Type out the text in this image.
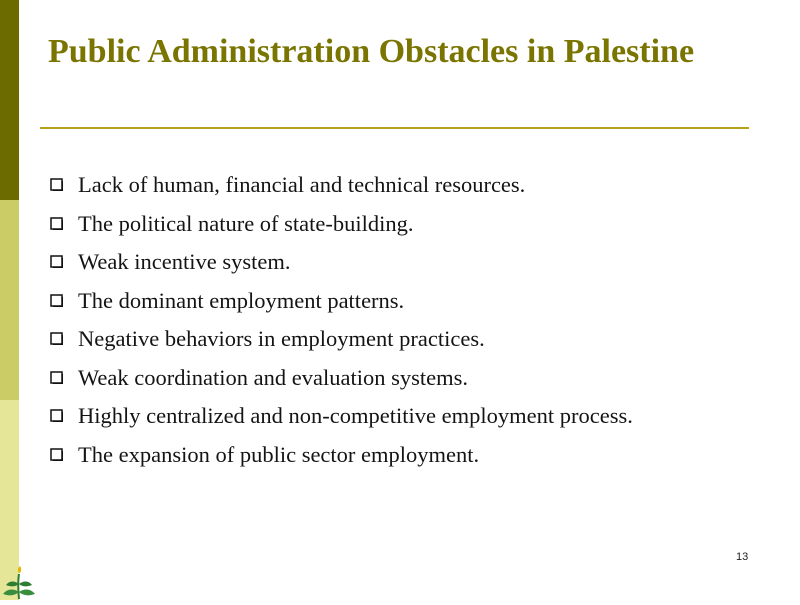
Public Administration Obstacles in Palestine
Lack of human, financial and technical resources.
The political nature of state-building.
Weak incentive system.
The dominant employment patterns.
Negative behaviors in employment practices.
Weak coordination and evaluation systems.
Highly centralized and non-competitive employment process.
The expansion of public sector employment.
13
